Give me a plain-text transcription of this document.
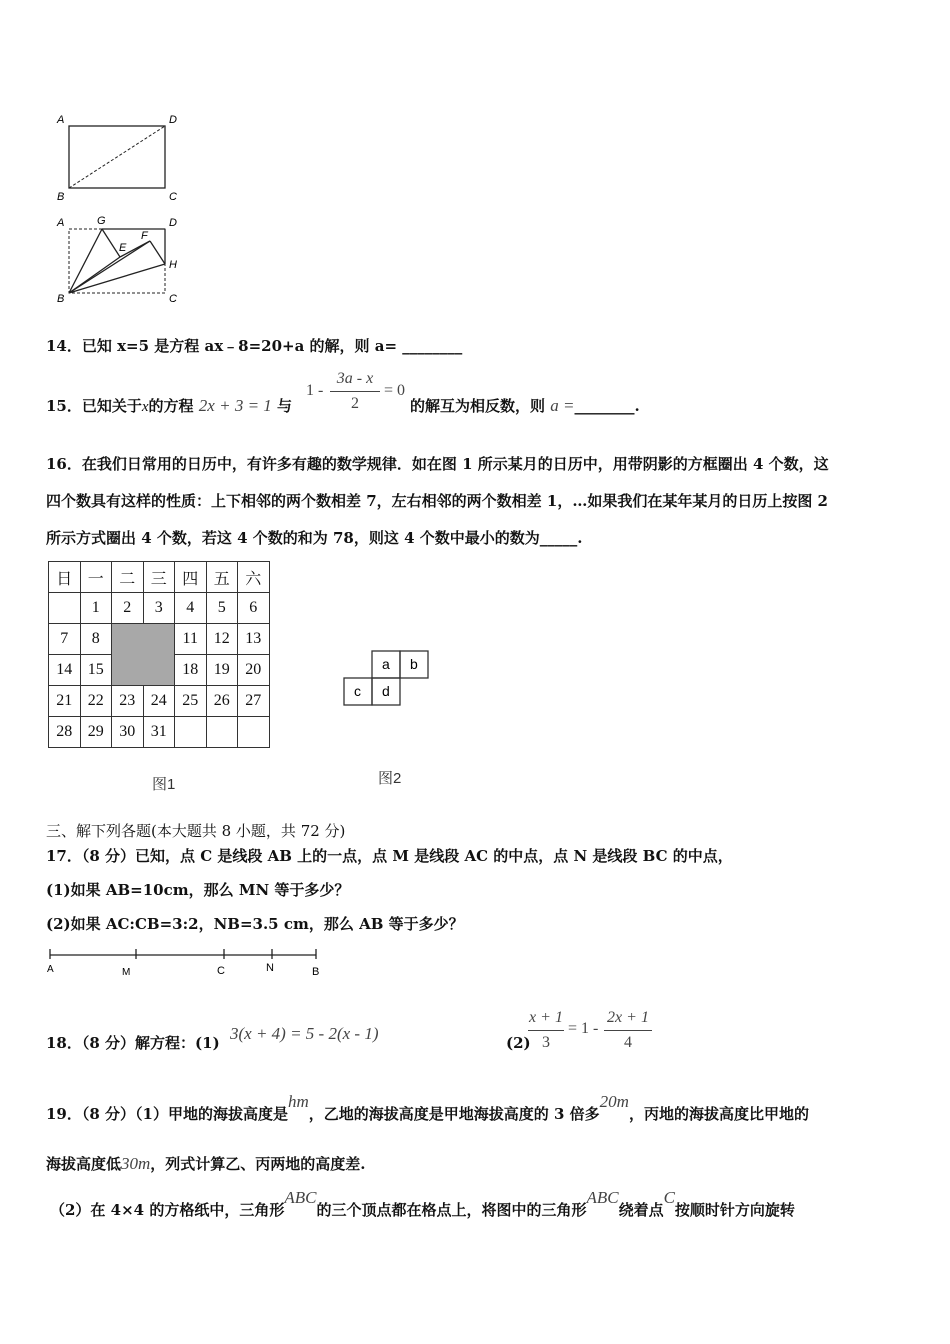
A	D
B	C
A	G	D
E
F
H
B	C
14．已知 x=5 是方程 ax﹣8=20+a 的解，则 a= ________
15．已知关于x的方程 2x + 3 = 1 与
1 -
3a - x
2
= 0
的解互为相反数，则 a =________.
16．在我们日常用的日历中，有许多有趣的数学规律．如在图 1 所示某月的日历中，用带阴影的方框圈出 4 个数，这
四个数具有这样的性质：上下相邻的两个数相差 7，左右相邻的两个数相差 1，…如果我们在某年某月的日历上按图 2
所示方式圈出 4 个数，若这 4 个数的和为 78，则这 4 个数中最小的数为_____.
日	一	二	三	四	五	六
	1	2	3	4	5	6
7	8			11	12	13
14	15			18	19	20
21	22	23	24	25	26	27
28	29	30	31			
图1
a b
c d
图2
三、解下列各题(本大题共 8 小题，共 72 分)
17．（8 分）已知，点 C 是线段 AB 上的一点，点 M 是线段 AC 的中点，点 N 是线段 BC 的中点，
(1)如果 AB=10cm，那么 MN 等于多少？
(2)如果 AC:CB=3:2，NB=3.5 cm，那么 AB 等于多少？
A	M	C	N	B
18．（8 分）解方程：(1) 3(x + 4) = 5 - 2(x - 1)	(2)
x + 1
3
= 1 -
2x + 1
4
19．（8 分）（1）甲地的海拔高度是hm，乙地的海拔高度是甲地海拔高度的 3 倍多20m，丙地的海拔高度比甲地的
海拔高度低30m，列式计算乙、丙两地的高度差.
（2）在 4×4 的方格纸中，三角形ABC的三个顶点都在格点上，将图中的三角形ABC绕着点C按顺时针方向旋转
